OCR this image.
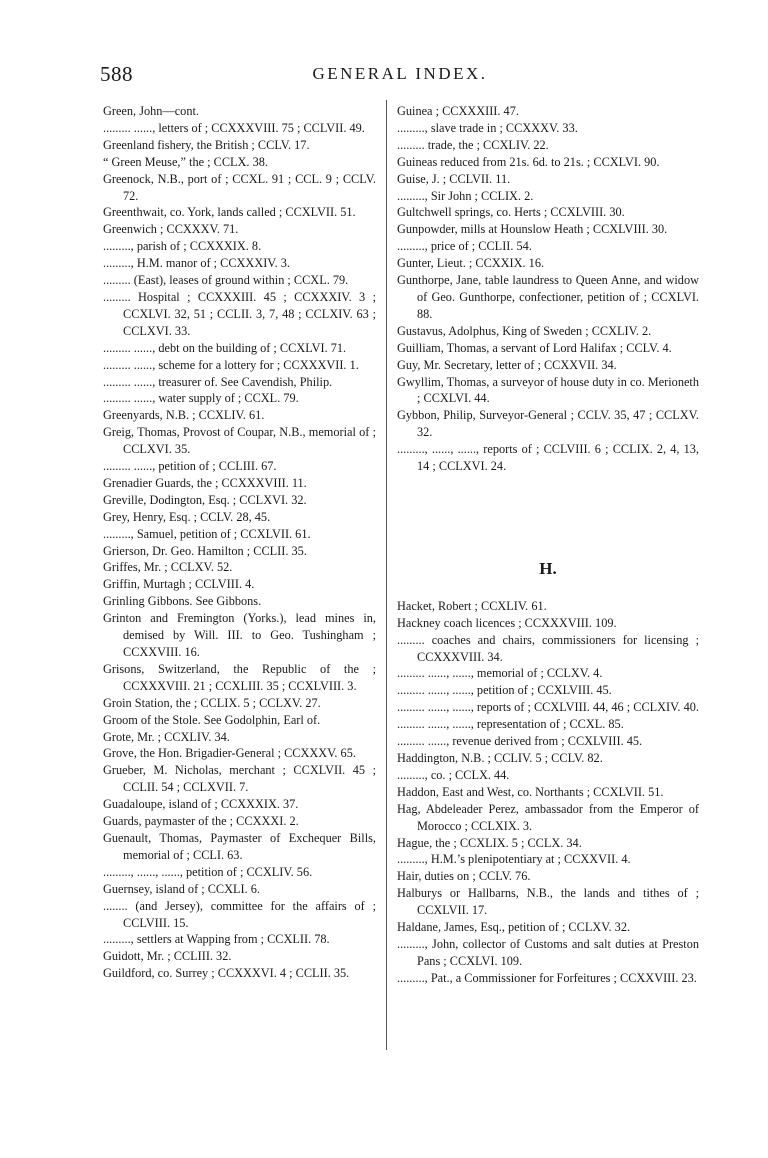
588	GENERAL INDEX.

Green, John—cont.

......... ......, letters of ; CCXXXVIII. 75 ; CCLVII. 49.

Greenland fishery, the British ; CCLV. 17.

“ Green Meuse,” the ; CCLX. 38.

Greenock, N.B., port of ; CCXL. 91 ; CCL. 9 ; CCLV. 72.

Greenthwait, co. York, lands called ; CCXLVII. 51.

Greenwich ; CCXXXV. 71.

........., parish of ; CCXXXIX. 8.

........., H.M. manor of ; CCXXXIV. 3.

......... (East), leases of ground within ; CCXL. 79.

......... Hospital ; CCXXXIII. 45 ; CCXXXIV. 3 ; CCXLVI. 32, 51 ; CCLII. 3, 7, 48 ; CCLXIV. 63 ; CCLXVI. 33.

......... ......, debt on the building of ; CCXLVI. 71.

......... ......, scheme for a lottery for ; CCXXXVII. 1.

......... ......, treasurer of. See Cavendish, Philip.

......... ......, water supply of ; CCXL. 79.

Greenyards, N.B. ; CCXLIV. 61.

Greig, Thomas, Provost of Coupar, N.B., memorial of ; CCLXVI. 35.

......... ......, petition of ; CCLIII. 67.

Grenadier Guards, the ; CCXXXVIII. 11.

Greville, Dodington, Esq. ; CCLXVI. 32.

Grey, Henry, Esq. ; CCLV. 28, 45.

........., Samuel, petition of ; CCXLVII. 61.

Grierson, Dr. Geo. Hamilton ; CCLII. 35.

Griffes, Mr. ; CCLXV. 52.

Griffin, Murtagh ; CCLVIII. 4.

Grinling Gibbons. See Gibbons.

Grinton and Fremington (Yorks.), lead mines in, demised by Will. III. to Geo. Tushingham ; CCXXVIII. 16.

Grisons, Switzerland, the Republic of the ; CCXXXVIII. 21 ; CCXLIII. 35 ; CCXLVIII. 3.

Groin Station, the ; CCLIX. 5 ; CCLXV. 27.

Groom of the Stole. See Godolphin, Earl of.

Grote, Mr. ; CCXLIV. 34.

Grove, the Hon. Brigadier-General ; CCXXXV. 65.

Grueber, M. Nicholas, merchant ; CCXLVII. 45 ; CCLII. 54 ; CCLXVII. 7.

Guadaloupe, island of ; CCXXXIX. 37.

Guards, paymaster of the ; CCXXXI. 2.

Guenault, Thomas, Paymaster of Exchequer Bills, memorial of ; CCLI. 63.

........., ......, ......, petition of ; CCXLIV. 56.

Guernsey, island of ; CCXLI. 6.

........ (and Jersey), committee for the affairs of ; CCLVIII. 15.

........., settlers at Wapping from ; CCXLII. 78.

Guidott, Mr. ; CCLIII. 32.

Guildford, co. Surrey ; CCXXXVI. 4 ; CCLII. 35.

Guinea ; CCXXXIII. 47.

........., slave trade in ; CCXXXV. 33.

......... trade, the ; CCXLIV. 22.

Guineas reduced from 21s. 6d. to 21s. ; CCXLVI. 90.

Guise, J. ; CCLVII. 11.

........., Sir John ; CCLIX. 2.

Gultchwell springs, co. Herts ; CCXLVIII. 30.

Gunpowder, mills at Hounslow Heath ; CCXLVIII. 30.

........., price of ; CCLII. 54.

Gunter, Lieut. ; CCXXIX. 16.

Gunthorpe, Jane, table laundress to Queen Anne, and widow of Geo. Gunthorpe, confectioner, petition of ; CCXLVI. 88.

Gustavus, Adolphus, King of Sweden ; CCXLIV. 2.

Guilliam, Thomas, a servant of Lord Halifax ; CCLV. 4.

Guy, Mr. Secretary, letter of ; CCXXVII. 34.

Gwyllim, Thomas, a surveyor of house duty in co. Merioneth ; CCXLVI. 44.

Gybbon, Philip, Surveyor-General ; CCLV. 35, 47 ; CCLXV. 32.

........., ......, ......, reports of ; CCLVIII. 6 ; CCLIX. 2, 4, 13, 14 ; CCLXVI. 24.

H.

Hacket, Robert ; CCXLIV. 61.

Hackney coach licences ; CCXXXVIII. 109.

......... coaches and chairs, commissioners for licensing ; CCXXXVIII. 34.

......... ......, ......, memorial of ; CCLXV. 4.

......... ......, ......, petition of ; CCXLVIII. 45.

......... ......, ......, reports of ; CCXLVIII. 44, 46 ; CCLXIV. 40.

......... ......, ......, representation of ; CCXL. 85.

......... ......, revenue derived from ; CCXLVIII. 45.

Haddington, N.B. ; CCLIV. 5 ; CCLV. 82.

........., co. ; CCLX. 44.

Haddon, East and West, co. Northants ; CCXLVII. 51.

Hag, Abdeleader Perez, ambassador from the Emperor of Morocco ; CCLXIX. 3.

Hague, the ; CCXLIX. 5 ; CCLX. 34.

........., H.M.’s plenipotentiary at ; CCXXVII. 4.

Hair, duties on ; CCLV. 76.

Halburys or Hallbarns, N.B., the lands and tithes of ; CCXLVII. 17.

Haldane, James, Esq., petition of ; CCLXV. 32.

........., John, collector of Customs and salt duties at Preston Pans ; CCXLVI. 109.

........., Pat., a Commissioner for Forfeitures ; CCXXVIII. 23.
